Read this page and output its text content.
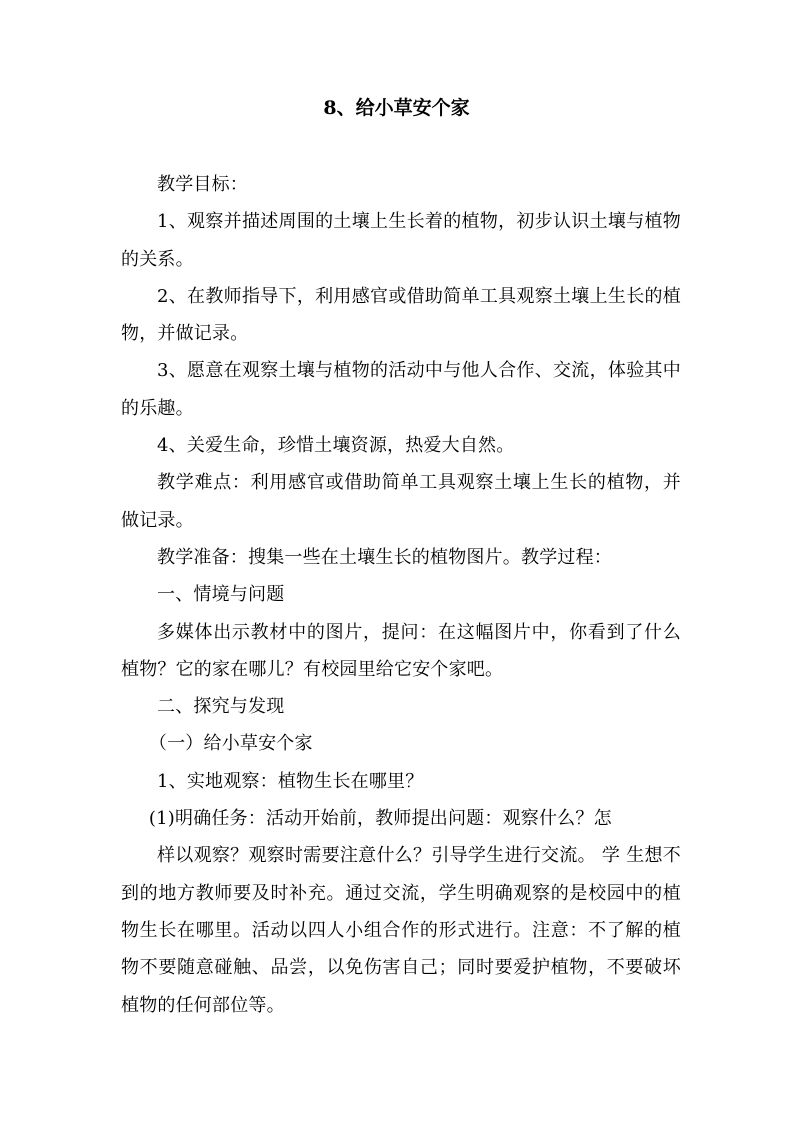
8、给小草安个家

教学目标：

1、观察并描述周围的土壤上生长着的植物，初步认识土壤与植物的关系。

2、在教师指导下，利用感官或借助简单工具观察土壤上生长的植物，并做记录。

3、愿意在观察土壤与植物的活动中与他人合作、交流，体验其中的乐趣。

4、关爱生命，珍惜土壤资源，热爱大自然。

教学难点：利用感官或借助简单工具观察土壤上生长的植物，并做记录。

教学准备：搜集一些在土壤生长的植物图片。教学过程：

一、情境与问题

多媒体出示教材中的图片，提问：在这幅图片中，你看到了什么植物？它的家在哪儿？有校园里给它安个家吧。

二、探究与发现

（一）给小草安个家

1、实地观察：植物生长在哪里？

(1)明确任务：活动开始前，教师提出问题：观察什么？怎

样以观察？观察时需要注意什么？引导学生进行交流。 学 生想不到的地方教师要及时补充。通过交流，学生明确观察的是校园中的植物生长在哪里。活动以四人小组合作的形式进行。注意：不了解的植物不要随意碰触、品尝，以免伤害自己；同时要爱护植物，不要破坏植物的任何部位等。
